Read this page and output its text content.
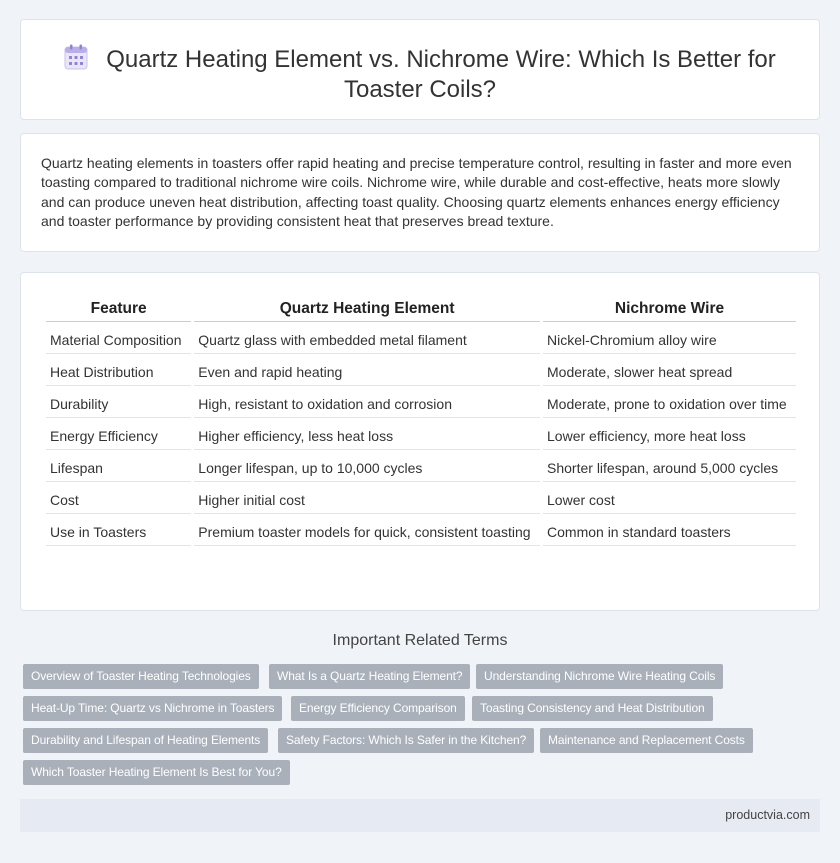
Quartz Heating Element vs. Nichrome Wire: Which Is Better for Toaster Coils?

Quartz heating elements in toasters offer rapid heating and precise temperature control, resulting in faster and more even toasting compared to traditional nichrome wire coils. Nichrome wire, while durable and cost-effective, heats more slowly and can produce uneven heat distribution, affecting toast quality. Choosing quartz elements enhances energy efficiency and toaster performance by providing consistent heat that preserves bread texture.

Feature	Quartz Heating Element	Nichrome Wire
Material Composition	Quartz glass with embedded metal filament	Nickel-Chromium alloy wire
Heat Distribution	Even and rapid heating	Moderate, slower heat spread
Durability	High, resistant to oxidation and corrosion	Moderate, prone to oxidation over time
Energy Efficiency	Higher efficiency, less heat loss	Lower efficiency, more heat loss
Lifespan	Longer lifespan, up to 10,000 cycles	Shorter lifespan, around 5,000 cycles
Cost	Higher initial cost	Lower cost
Use in Toasters	Premium toaster models for quick, consistent toasting	Common in standard toasters
Important Related Terms
Overview of Toaster Heating Technologies	What Is a Quartz Heating Element?	Understanding Nichrome Wire Heating Coils
Heat-Up Time: Quartz vs Nichrome in Toasters	Energy Efficiency Comparison	Toasting Consistency and Heat Distribution
Durability and Lifespan of Heating Elements	Safety Factors: Which Is Safer in the Kitchen?	Maintenance and Replacement Costs
Which Toaster Heating Element Is Best for You?
productvia.com
